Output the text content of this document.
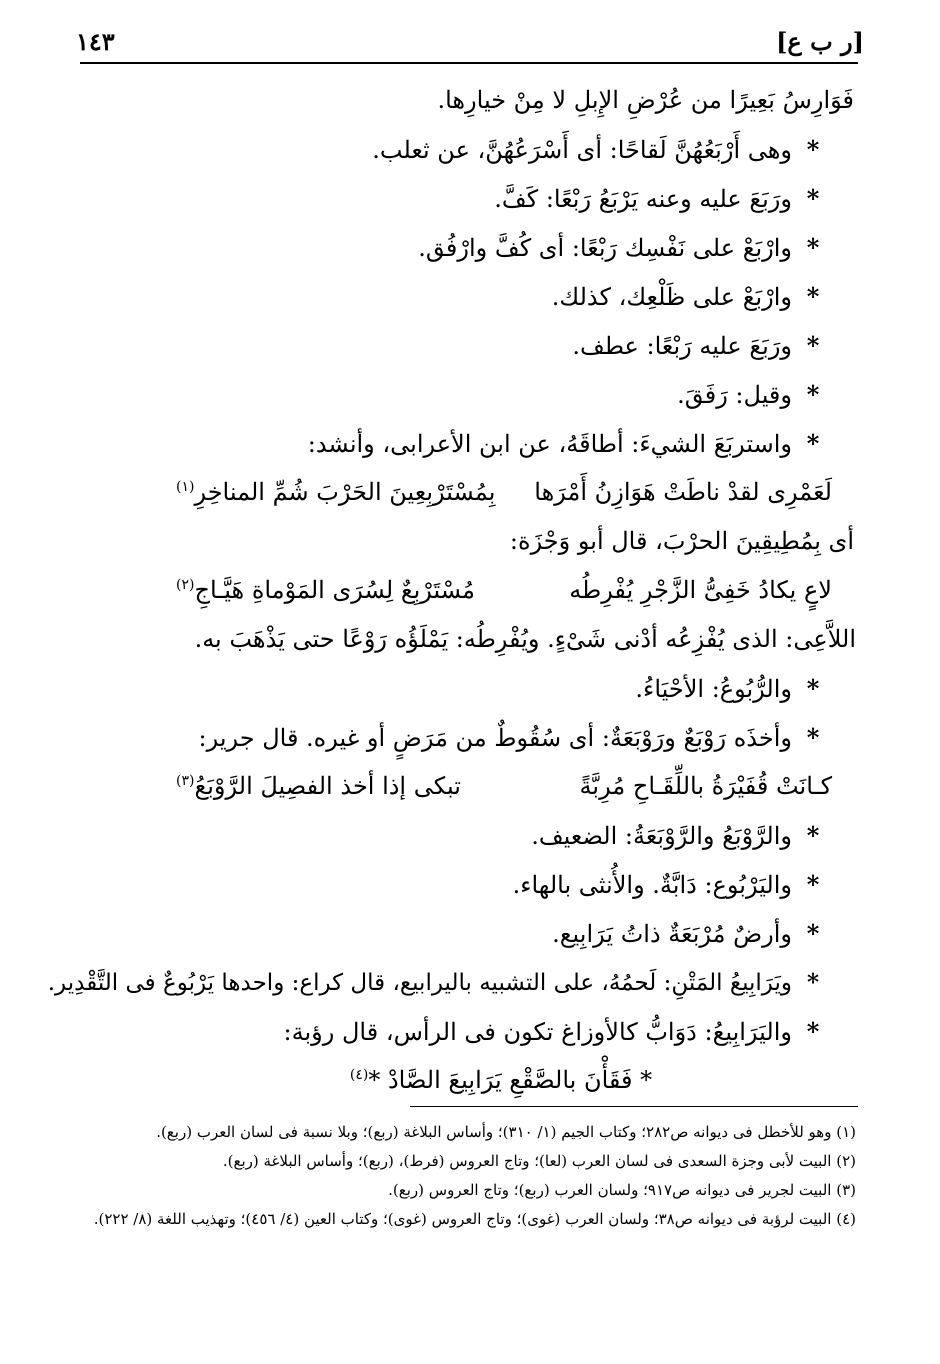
[ر ب ع]
١٤٣
فَوَارِسُ بَعِيرًا من عُرْضِ الإِبلِ لا مِنْ خيارِها.
*وهى أَرْبَعُهُنَّ لَقاحًا: أى أَسْرَعُهُنَّ، عن ثعلب.
*ورَبَعَ عليه وعنه يَرْبَعُ رَبْعًا: كَفَّ.
*وارْبَعْ على نَفْسِك رَبْعًا: أى كُفَّ وارْفُق.
*وارْبَعْ على ظَلْعِك، كذلك.
*ورَبَعَ عليه رَبْعًا: عطف.
*وقيل: رَفَقَ.
*واستربَعَ الشيءَ: أطاقَهُ، عن ابن الأعرابى، وأنشد:
لَعَمْرِى لقدْ ناطَتْ هَوَازِنُ أَمْرَها
بِمُسْتَرْبِعِينَ الحَرْبَ شُمِّ المناخِرِ$^{(١)}$
أى بِمُطِيقِينَ الحرْبَ، قال أبو وَجْزَة:
لاعٍ يكادُ خَفِىُّ الزَّجْرِ يُفْرِطُه
مُسْتَرْبِعٌ لِسُرَى المَوْماةِ هَيَّـاجِ$^{(٢)}$
اللاَّعِى: الذى يُفْزِعُه أدْنى شَىْءٍ. ويُفْرِطُه: يَمْلَؤُه رَوْعًا حتى يَذْهَبَ به.
*والرُّبُوعُ: الأحْيَاءُ.
*وأخذَه رَوْبَعٌ ورَوْبَعَةٌ: أى سُقُوطٌ من مَرَضٍ أو غيره. قال جرير:
كـانَتْ قُفَيْرَةُ باللِّقَـاحِ مُرِبَّةً
تبكى إذا أخذ الفصِيلَ الرَّوْبَعُ$^{(٣)}$
*والرَّوْبَعُ والرَّوْبَعَةُ: الضعيف.
*واليَرْبُوع: دَابَّةٌ. والأُنثى بالهاء.
*وأرضٌ مُرْبَعَةٌ ذاتُ يَرَابِيع.
*ويَرَابِيعُ المَتْنِ: لَحمُهُ، على التشبيه باليرابيع، قال كراع: واحدها يَرْبُوعٌ فى التَّقْدِير.
*واليَرَابِيعُ: دَوَابُّ كالأوزاغ تكون فى الرأس، قال رؤبة:
* فَقَأْنَ بالصَّقْعِ يَرَابِيعَ الصَّادْ *$^{(٤)}$
(١) وهو للأخطل فى ديوانه ص٢٨٢؛ وكتاب الجيم (١/ ٣١٠)؛ وأساس البلاغة (ربع)؛ وبلا نسبة فى لسان العرب (ربع).
(٢) البيت لأبى وجزة السعدى فى لسان العرب (لعا)؛ وتاج العروس (فرط)، (ربع)؛ وأساس البلاغة (ربع).
(٣) البيت لجرير فى ديوانه ص٩١٧؛ ولسان العرب (ربع)؛ وتاج العروس (ربع).
(٤) البيت لرؤبة فى ديوانه ص٣٨؛ ولسان العرب (غوى)؛ وتاج العروس (غوى)؛ وكتاب العين (٤/ ٤٥٦)؛ وتهذيب اللغة (٨/ ٢٢٢).
